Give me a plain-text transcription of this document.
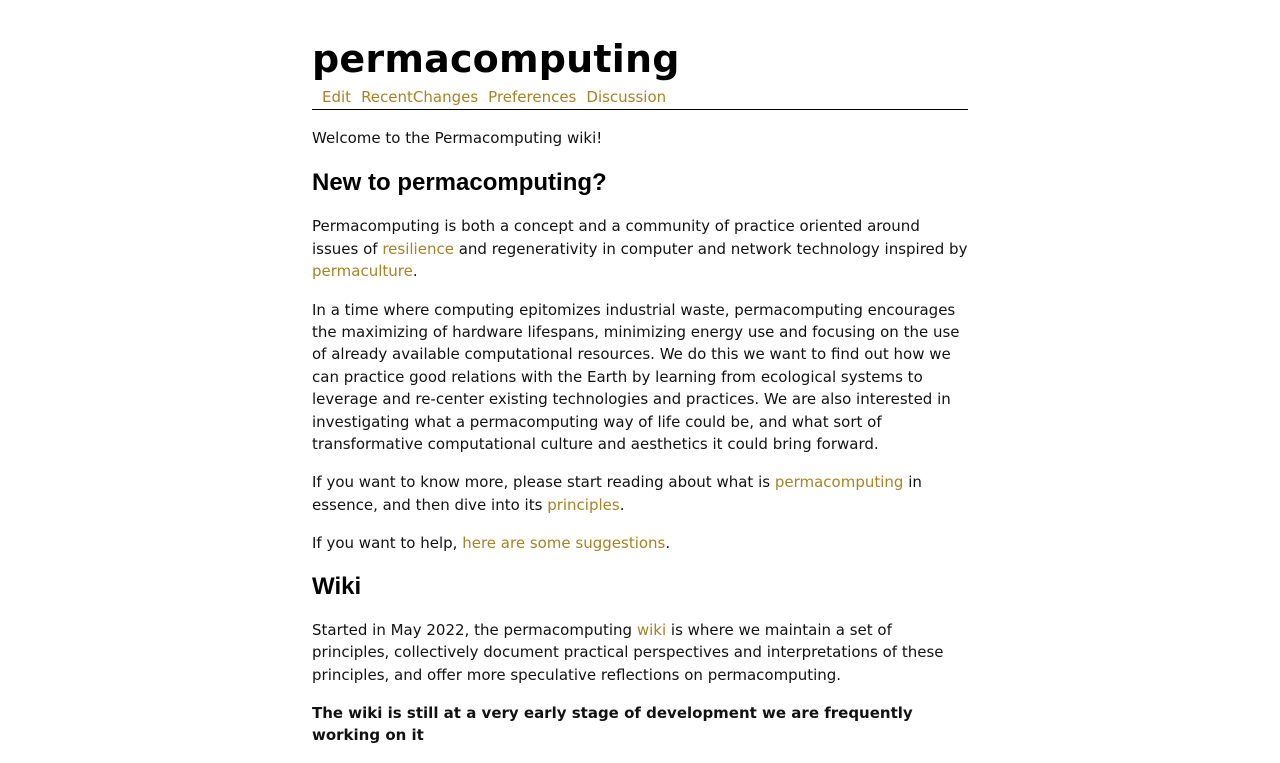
permacomputing
Edit RecentChanges Preferences Discussion

Welcome to the Permacomputing wiki!

New to permacomputing?

Permacomputing is both a concept and a community of practice oriented around issues of resilience and regenerativity in computer and network technology inspired by permaculture.

In a time where computing epitomizes industrial waste, permacomputing encourages the maximizing of hardware lifespans, minimizing energy use and focusing on the use of already available computational resources. We do this we want to find out how we can practice good relations with the Earth by learning from ecological systems to leverage and re-center existing technologies and practices. We are also interested in investigating what a permacomputing way of life could be, and what sort of transformative computational culture and aesthetics it could bring forward.

If you want to know more, please start reading about what is permacomputing in essence, and then dive into its principles.

If you want to help, here are some suggestions.

Wiki

Started in May 2022, the permacomputing wiki is where we maintain a set of principles, collectively document practical perspectives and interpretations of these principles, and offer more speculative reflections on permacomputing.

The wiki is still at a very early stage of development we are frequently working on it
